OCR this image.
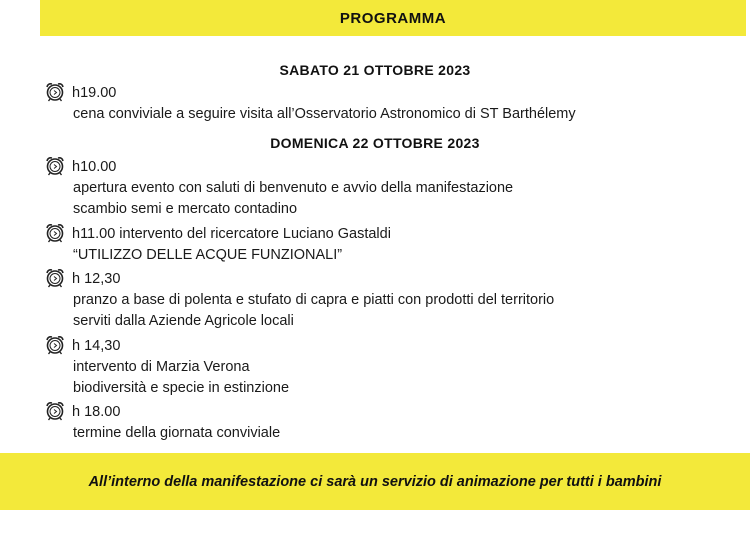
PROGRAMMA
SABATO 21 OTTOBRE 2023
h19.00
cena conviviale a seguire visita all’Osservatorio Astronomico di ST Barthélemy
DOMENICA 22 OTTOBRE 2023
h10.00
apertura evento con saluti di benvenuto e avvio della manifestazione
scambio semi e mercato contadino
h11.00 intervento del ricercatore Luciano Gastaldi
“UTILIZZO DELLE ACQUE FUNZIONALI”
h 12,30
pranzo a base di polenta e stufato di capra e piatti con prodotti del territorio
serviti dalla Aziende Agricole locali
h 14,30
intervento di Marzia Verona
biodiversità e specie in estinzione
h 18.00
termine della giornata conviviale
All’interno della manifestazione ci sarà un servizio di animazione per tutti i bambini
